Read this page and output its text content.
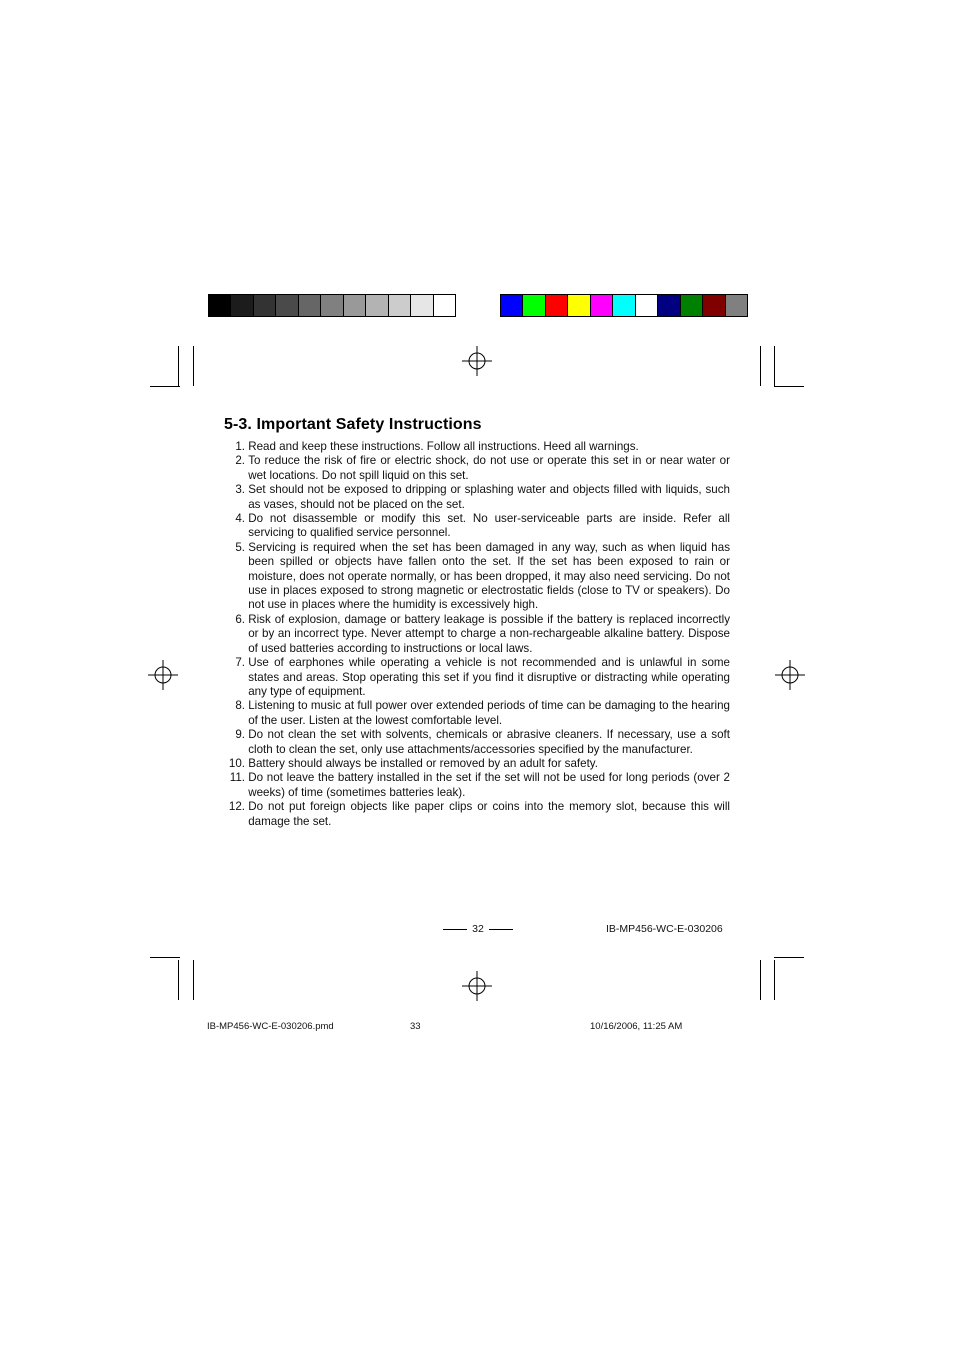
5-3. Important Safety Instructions
1.
Read and keep these instructions. Follow all instructions. Heed all warnings.
2.
To reduce the risk of fire or electric shock, do not use or operate this set in or near water or wet locations. Do not spill liquid on this set.
3.
Set should not be exposed to dripping or splashing water and objects filled with liquids, such as vases, should not be placed on the set.
4.
Do not disassemble or modify this set. No user-serviceable parts are inside. Refer all servicing to qualified service personnel.
5.
Servicing is required when the set has been damaged in any way, such as when liquid has been spilled or objects have fallen onto the set. If the set has been exposed to rain or moisture, does not operate normally, or has been dropped, it may also need servicing. Do not use in places exposed to strong magnetic or electrostatic fields (close to TV or speakers). Do not use in places where the humidity is excessively high.
6.
Risk of explosion, damage or battery leakage is possible if the battery is replaced incorrectly or by an incorrect type. Never attempt to charge a non-rechargeable alkaline battery. Dispose of used batteries according to instructions or local laws.
7.
Use of earphones while operating a vehicle is not recommended and is unlawful in some states and areas. Stop operating this set if you find it disruptive or distracting while operating any type of equipment.
8.
Listening to music at full power over extended periods of time can be damaging to the hearing of the user. Listen at the lowest comfortable level.
9.
Do not clean the set with solvents, chemicals or abrasive cleaners. If necessary, use a soft cloth to clean the set, only use attachments/accessories specified by the manufacturer.
10.
Battery should always be installed or removed by an adult for safety.
11.
Do not leave the battery installed in the set if the set will not be used for long periods (over 2 weeks) of time (sometimes batteries leak).
12.
Do not put foreign objects like paper clips or coins into the memory slot, because this will damage the set.
32	IB-MP456-WC-E-030206
IB-MP456-WC-E-030206.pmd	33	10/16/2006, 11:25 AM
